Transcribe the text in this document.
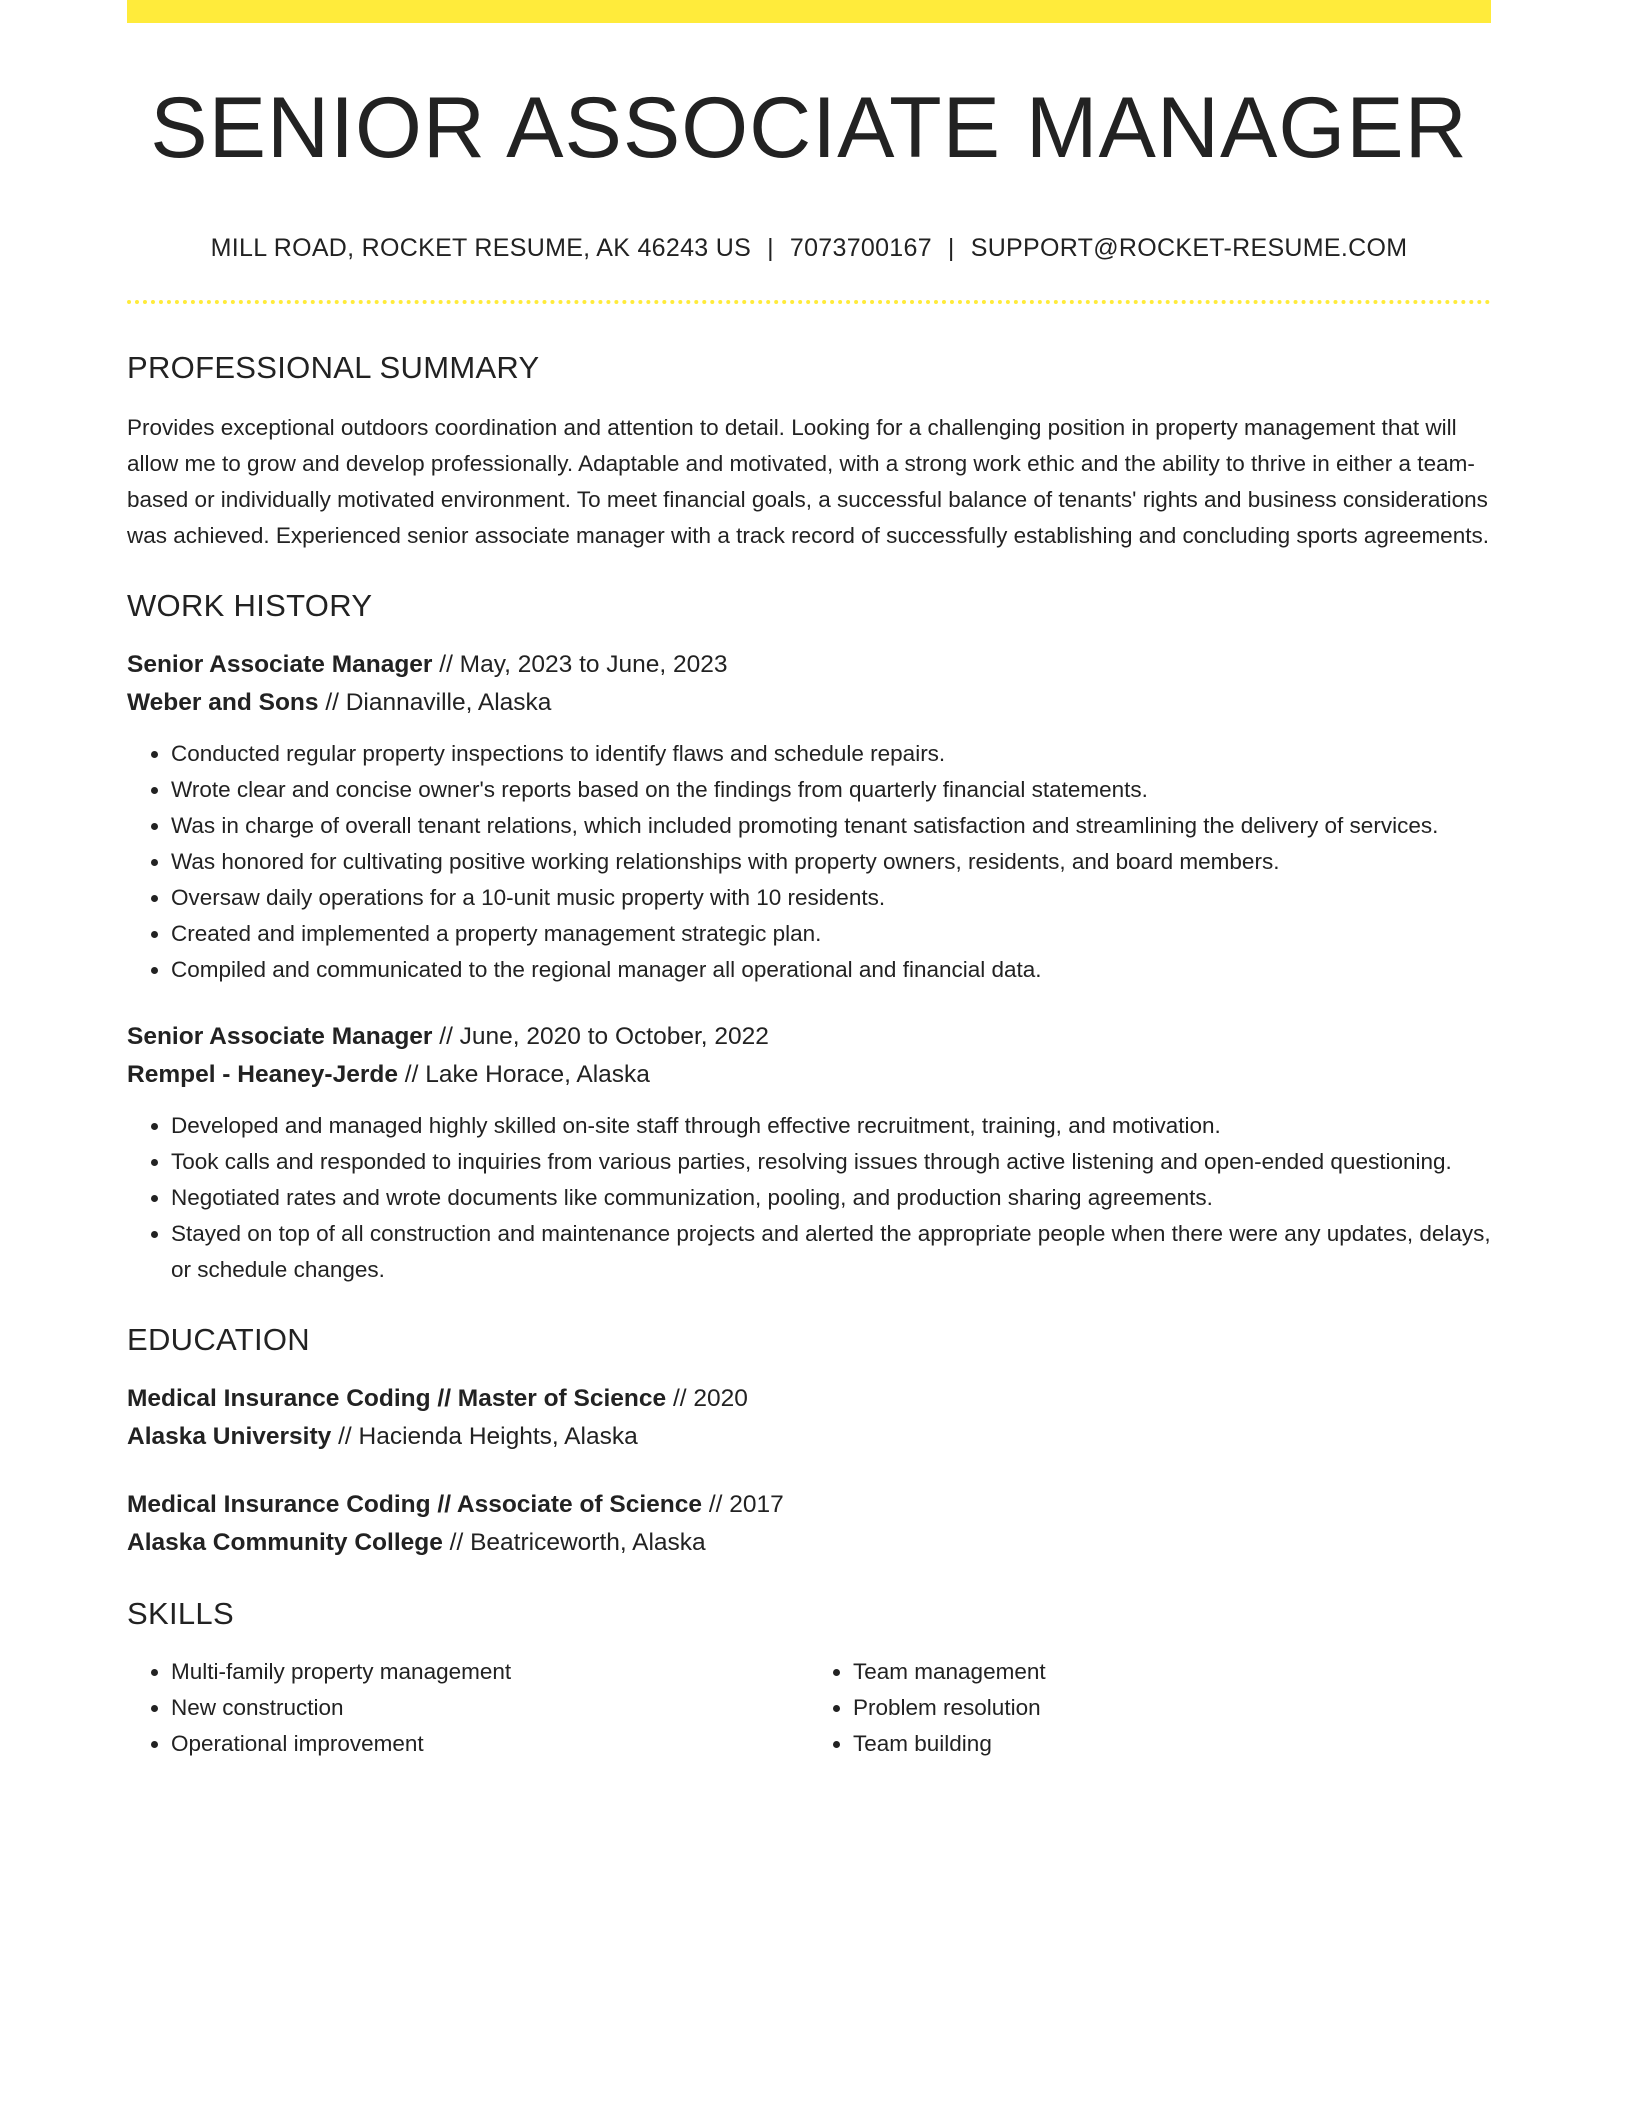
SENIOR ASSOCIATE MANAGER
MILL ROAD, ROCKET RESUME, AK 46243 US | 7073700167 | SUPPORT@ROCKET-RESUME.COM
PROFESSIONAL SUMMARY
Provides exceptional outdoors coordination and attention to detail. Looking for a challenging position in property management that will allow me to grow and develop professionally. Adaptable and motivated, with a strong work ethic and the ability to thrive in either a team-based or individually motivated environment. To meet financial goals, a successful balance of tenants' rights and business considerations was achieved. Experienced senior associate manager with a track record of successfully establishing and concluding sports agreements.
WORK HISTORY
Senior Associate Manager // May, 2023 to June, 2023
Weber and Sons // Diannaville, Alaska
• Conducted regular property inspections to identify flaws and schedule repairs.
• Wrote clear and concise owner's reports based on the findings from quarterly financial statements.
• Was in charge of overall tenant relations, which included promoting tenant satisfaction and streamlining the delivery of services.
• Was honored for cultivating positive working relationships with property owners, residents, and board members.
• Oversaw daily operations for a 10-unit music property with 10 residents.
• Created and implemented a property management strategic plan.
• Compiled and communicated to the regional manager all operational and financial data.
Senior Associate Manager // June, 2020 to October, 2022
Rempel - Heaney-Jerde // Lake Horace, Alaska
• Developed and managed highly skilled on-site staff through effective recruitment, training, and motivation.
• Took calls and responded to inquiries from various parties, resolving issues through active listening and open-ended questioning.
• Negotiated rates and wrote documents like communization, pooling, and production sharing agreements.
• Stayed on top of all construction and maintenance projects and alerted the appropriate people when there were any updates, delays, or schedule changes.
EDUCATION
Medical Insurance Coding // Master of Science // 2020
Alaska University // Hacienda Heights, Alaska
Medical Insurance Coding // Associate of Science // 2017
Alaska Community College // Beatriceworth, Alaska
SKILLS
• Multi-family property management
• New construction
• Operational improvement
• Team management
• Problem resolution
• Team building
